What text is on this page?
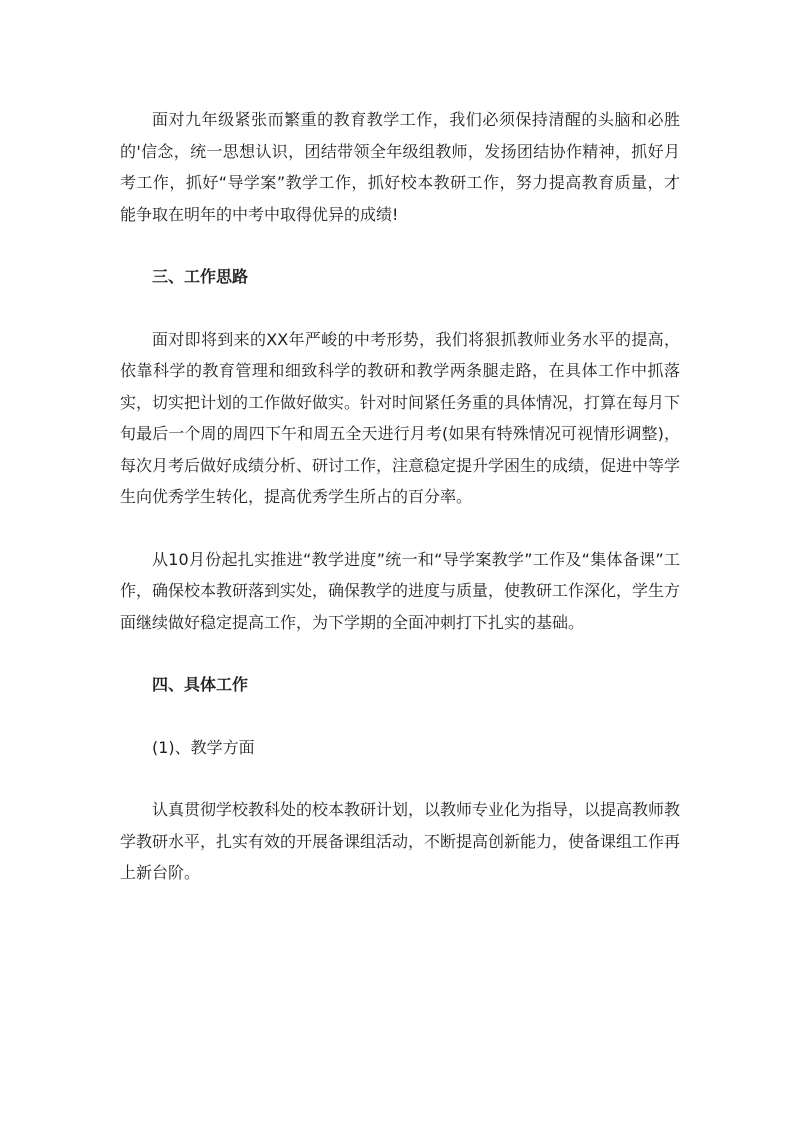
面对九年级紧张而繁重的教育教学工作，我们必须保持清醒的头脑和必胜的'信念，统一思想认识，团结带领全年级组教师，发扬团结协作精神，抓好月考工作，抓好“导学案”教学工作，抓好校本教研工作，努力提高教育质量，才能争取在明年的中考中取得优异的成绩!

三、工作思路

面对即将到来的XX年严峻的中考形势，我们将狠抓教师业务水平的提高，依靠科学的教育管理和细致科学的教研和教学两条腿走路，在具体工作中抓落实，切实把计划的工作做好做实。针对时间紧任务重的具体情况，打算在每月下旬最后一个周的周四下午和周五全天进行月考(如果有特殊情况可视情形调整)，每次月考后做好成绩分析、研讨工作，注意稳定提升学困生的成绩，促进中等学生向优秀学生转化，提高优秀学生所占的百分率。

从10月份起扎实推进“教学进度”统一和“导学案教学”工作及“集体备课”工作，确保校本教研落到实处，确保教学的进度与质量，使教研工作深化，学生方面继续做好稳定提高工作，为下学期的全面冲刺打下扎实的基础。

四、具体工作

(1)、教学方面

认真贯彻学校教科处的校本教研计划，以教师专业化为指导，以提高教师教学教研水平，扎实有效的开展备课组活动，不断提高创新能力，使备课组工作再上新台阶。
